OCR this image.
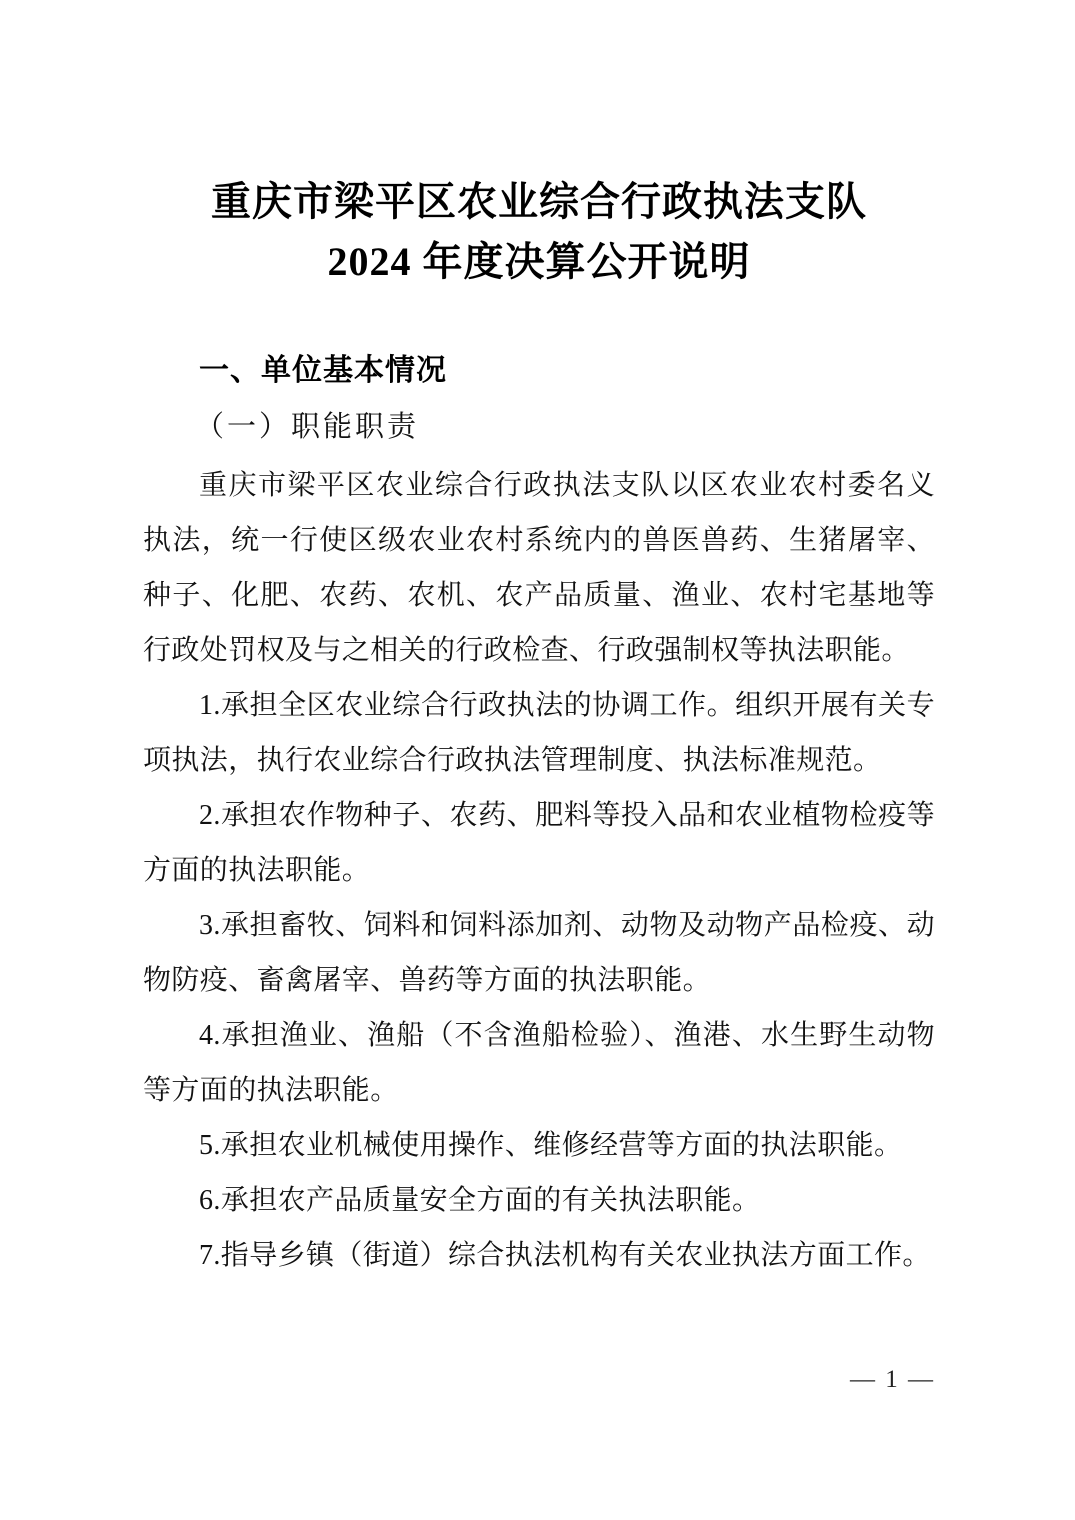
重庆市梁平区农业综合行政执法支队
2024 年度决算公开说明
一、单位基本情况
（一）职能职责

重庆市梁平区农业综合行政执法支队以区农业农村委名义执法，统一行使区级农业农村系统内的兽医兽药、生猪屠宰、种子、化肥、农药、农机、农产品质量、渔业、农村宅基地等行政处罚权及与之相关的行政检查、行政强制权等执法职能。

1.承担全区农业综合行政执法的协调工作。组织开展有关专项执法，执行农业综合行政执法管理制度、执法标准规范。

2.承担农作物种子、农药、肥料等投入品和农业植物检疫等方面的执法职能。

3.承担畜牧、饲料和饲料添加剂、动物及动物产品检疫、动物防疫、畜禽屠宰、兽药等方面的执法职能。

4.承担渔业、渔船（不含渔船检验）、渔港、水生野生动物等方面的执法职能。

5.承担农业机械使用操作、维修经营等方面的执法职能。

6.承担农产品质量安全方面的有关执法职能。

7.指导乡镇（街道）综合执法机构有关农业执法方面工作。

— 1 —
